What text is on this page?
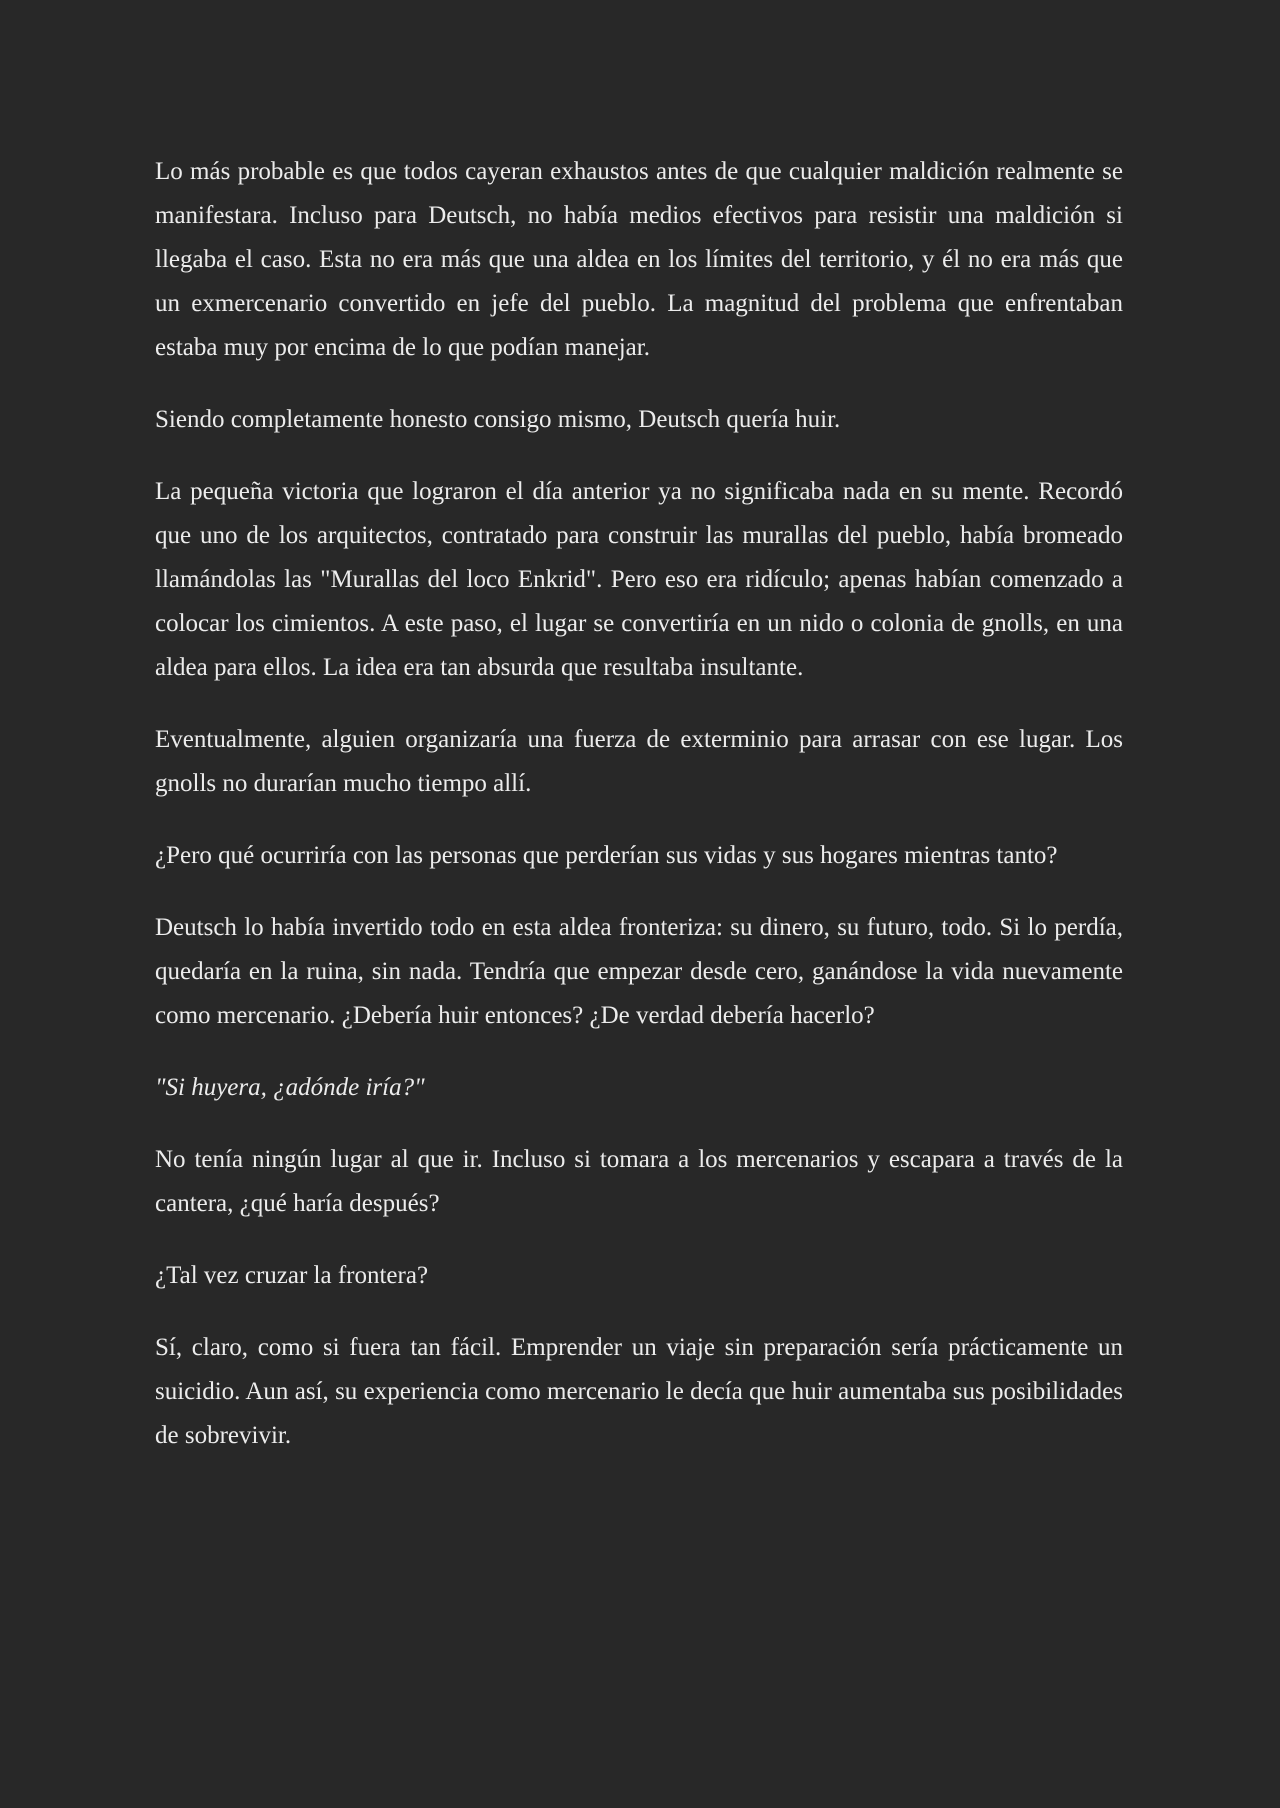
Lo más probable es que todos cayeran exhaustos antes de que cualquier maldición realmente se manifestara. Incluso para Deutsch, no había medios efectivos para resistir una maldición si llegaba el caso. Esta no era más que una aldea en los límites del territorio, y él no era más que un exmercenario convertido en jefe del pueblo. La magnitud del problema que enfrentaban estaba muy por encima de lo que podían manejar.

Siendo completamente honesto consigo mismo, Deutsch quería huir.

La pequeña victoria que lograron el día anterior ya no significaba nada en su mente. Recordó que uno de los arquitectos, contratado para construir las murallas del pueblo, había bromeado llamándolas las "Murallas del loco Enkrid". Pero eso era ridículo; apenas habían comenzado a colocar los cimientos. A este paso, el lugar se convertiría en un nido o colonia de gnolls, en una aldea para ellos. La idea era tan absurda que resultaba insultante.

Eventualmente, alguien organizaría una fuerza de exterminio para arrasar con ese lugar. Los gnolls no durarían mucho tiempo allí.

¿Pero qué ocurriría con las personas que perderían sus vidas y sus hogares mientras tanto?

Deutsch lo había invertido todo en esta aldea fronteriza: su dinero, su futuro, todo. Si lo perdía, quedaría en la ruina, sin nada. Tendría que empezar desde cero, ganándose la vida nuevamente como mercenario. ¿Debería huir entonces? ¿De verdad debería hacerlo?

"Si huyera, ¿adónde iría?"

No tenía ningún lugar al que ir. Incluso si tomara a los mercenarios y escapara a través de la cantera, ¿qué haría después?

¿Tal vez cruzar la frontera?

Sí, claro, como si fuera tan fácil. Emprender un viaje sin preparación sería prácticamente un suicidio. Aun así, su experiencia como mercenario le decía que huir aumentaba sus posibilidades de sobrevivir.
